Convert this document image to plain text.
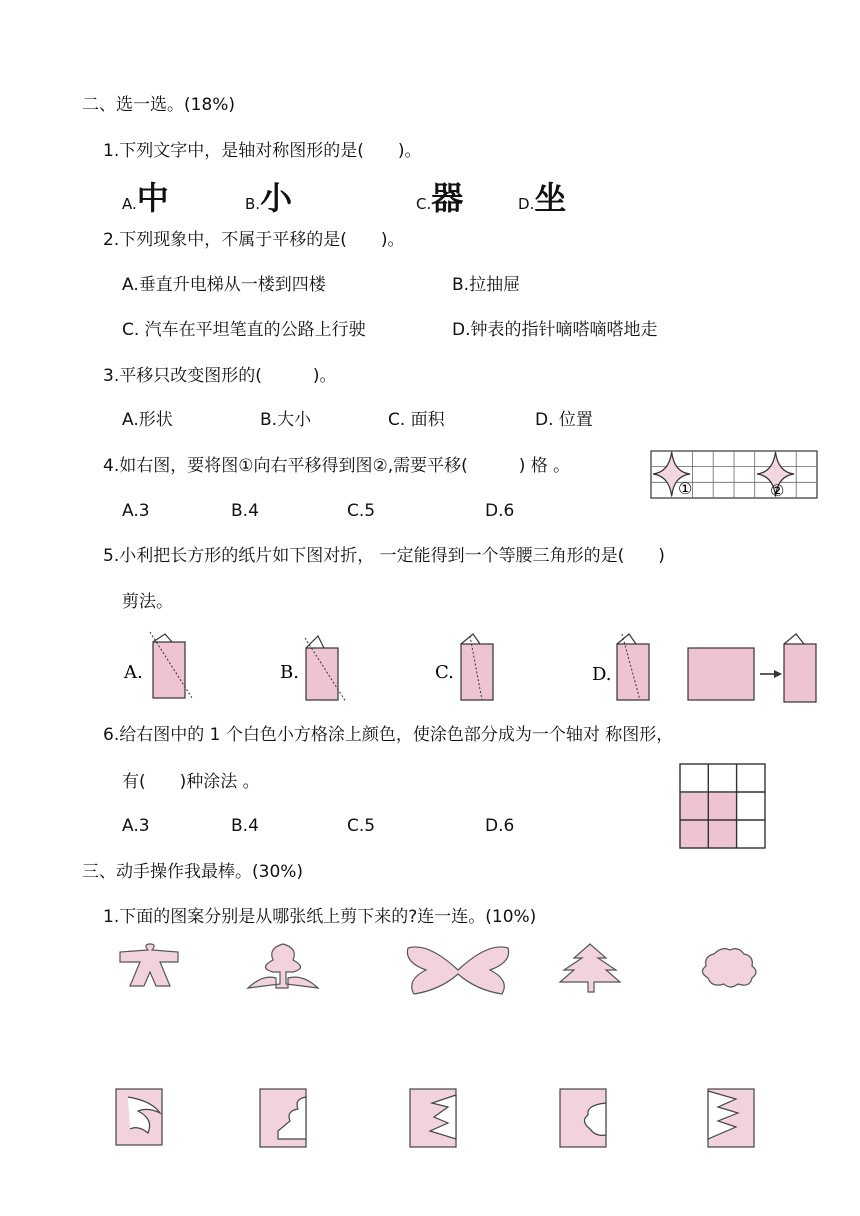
二、选一选。(18%)
1.下列文字中，是轴对称图形的是(　　)。
A.中	B.小	C.器	D.坐
2.下列现象中，不属于平移的是(　　)。
A.垂直升电梯从一楼到四楼	B.拉抽屉
C. 汽车在平坦笔直的公路上行驶	D.钟表的指针嘀嗒嘀嗒地走
3.平移只改变图形的(　　　)。
A.形状	B.大小	C. 面积	D. 位置
4.如右图，要将图①向右平移得到图②,需要平移(　　　) 格 。
A.3	B.4	C.5	D.6
①	②
5.小利把长方形的纸片如下图对折， 一定能得到一个等腰三角形的是(　　)
剪法。
A.	B.	C.	D.
6.给右图中的 1 个白色小方格涂上颜色，使涂色部分成为一个轴对 称图形，
有(　　)种涂法 。
A.3	B.4	C.5	D.6
三、动手操作我最棒。(30%)
1.下面的图案分别是从哪张纸上剪下来的?连一连。(10%)
